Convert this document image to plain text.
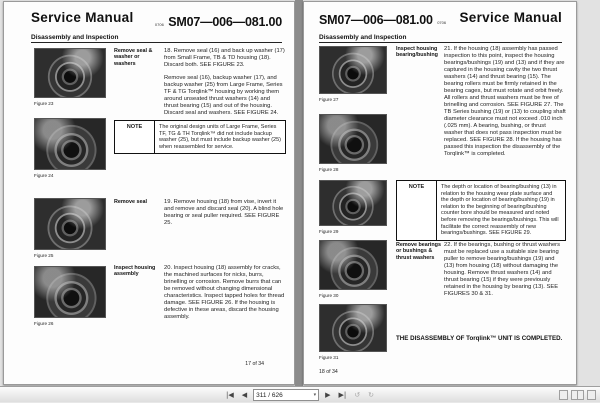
Service Manual	0706 SM07—006—081.00
Disassembly and Inspection
Figure 23
Figure 24
Figure 25
Figure 26
Remove seal & washer or washers

18. Remove seal (16) and back up washer (17) from Small Frame, TB & TD housing (18). Discard both. SEE FIGURE 23.

Remove seal (16), backup washer (17), and backup washer (25) from Large Frame, Series TF & TG Torqlink™ housing by working them around unseated thrust washers (14) and thrust bearing (15) and out of the housing. Discard seal and washers. SEE FIGURE 24.

NOTE	The original design units of Large Frame, Series TF, TG & TH Torqlink™ did not include backup washer (25), but must include backup washer (25) when reassembled for service.
Remove seal	19. Remove housing (18) from vise, invert it and remove and discard seal (20). A blind hole bearing or seal puller required. SEE FIGURE 25.
Inspect housing assembly
20. Inspect housing (18) assembly for cracks, the machined surfaces for nicks, burrs, brinelling or corrosion. Remove burrs that can be removed without changing dimensional characteristics. Inspect tapped holes for thread damage. SEE FIGURE 26. If the housing is defective in these areas, discard the housing assembly.
17 of 34
SM07—006—081.00 0706 Service Manual
Disassembly and Inspection
Figure 27
Figure 28
Figure 29
Figure 30
Figure 31
Inspect housing bearing/bushing
21. If the housing (18) assembly has passed inspection to this point, inspect the housing bearings/bushings (19) and (13) and if they are captured in the housing cavity the two thrust washers (14) and thrust bearing (15). The bearing rollers must be firmly retained in the bearing cages, but must rotate and orbit freely. All rollers and thrust washers must be free of brinelling and corrosion. SEE FIGURE 27. The TB Series bushing (19) or (13) to coupling shaft diameter clearance must not exceed .010 inch (.025 mm). A bearing, bushing, or thrust washer that does not pass inspection must be replaced. SEE FIGURE 28. If the housing has passed this inspection the disassembly of the Torqlink™ is completed.
NOTE	The depth or location of bearing/bushing (13) in relation to the housing wear plate surface and the depth or location of bearing/bushing (19) in relation to the beginning of bearing/bushing counter bore should be measured and noted before removing the bearings/bushings. This will facilitate the correct reassembly of new bearings/bushings. SEE FIGURE 29.
Remove bearings or bushings & thrust washers
22. If the bearings, bushing or thrust washers must be replaced use a suitable size bearing puller to remove bearing/bushings (19) and (13) from housing (18) without damaging the housing. Remove thrust washers (14) and thrust bearing (15) if they were previously retained in the housing by bearing (13). SEE FIGURES 30 & 31.
THE DISASSEMBLY OF Torqlink™ UNIT IS COMPLETED.
18 of 34
|◀ ◀	311 / 626	▾ ▶ ▶| ↺ ↻
